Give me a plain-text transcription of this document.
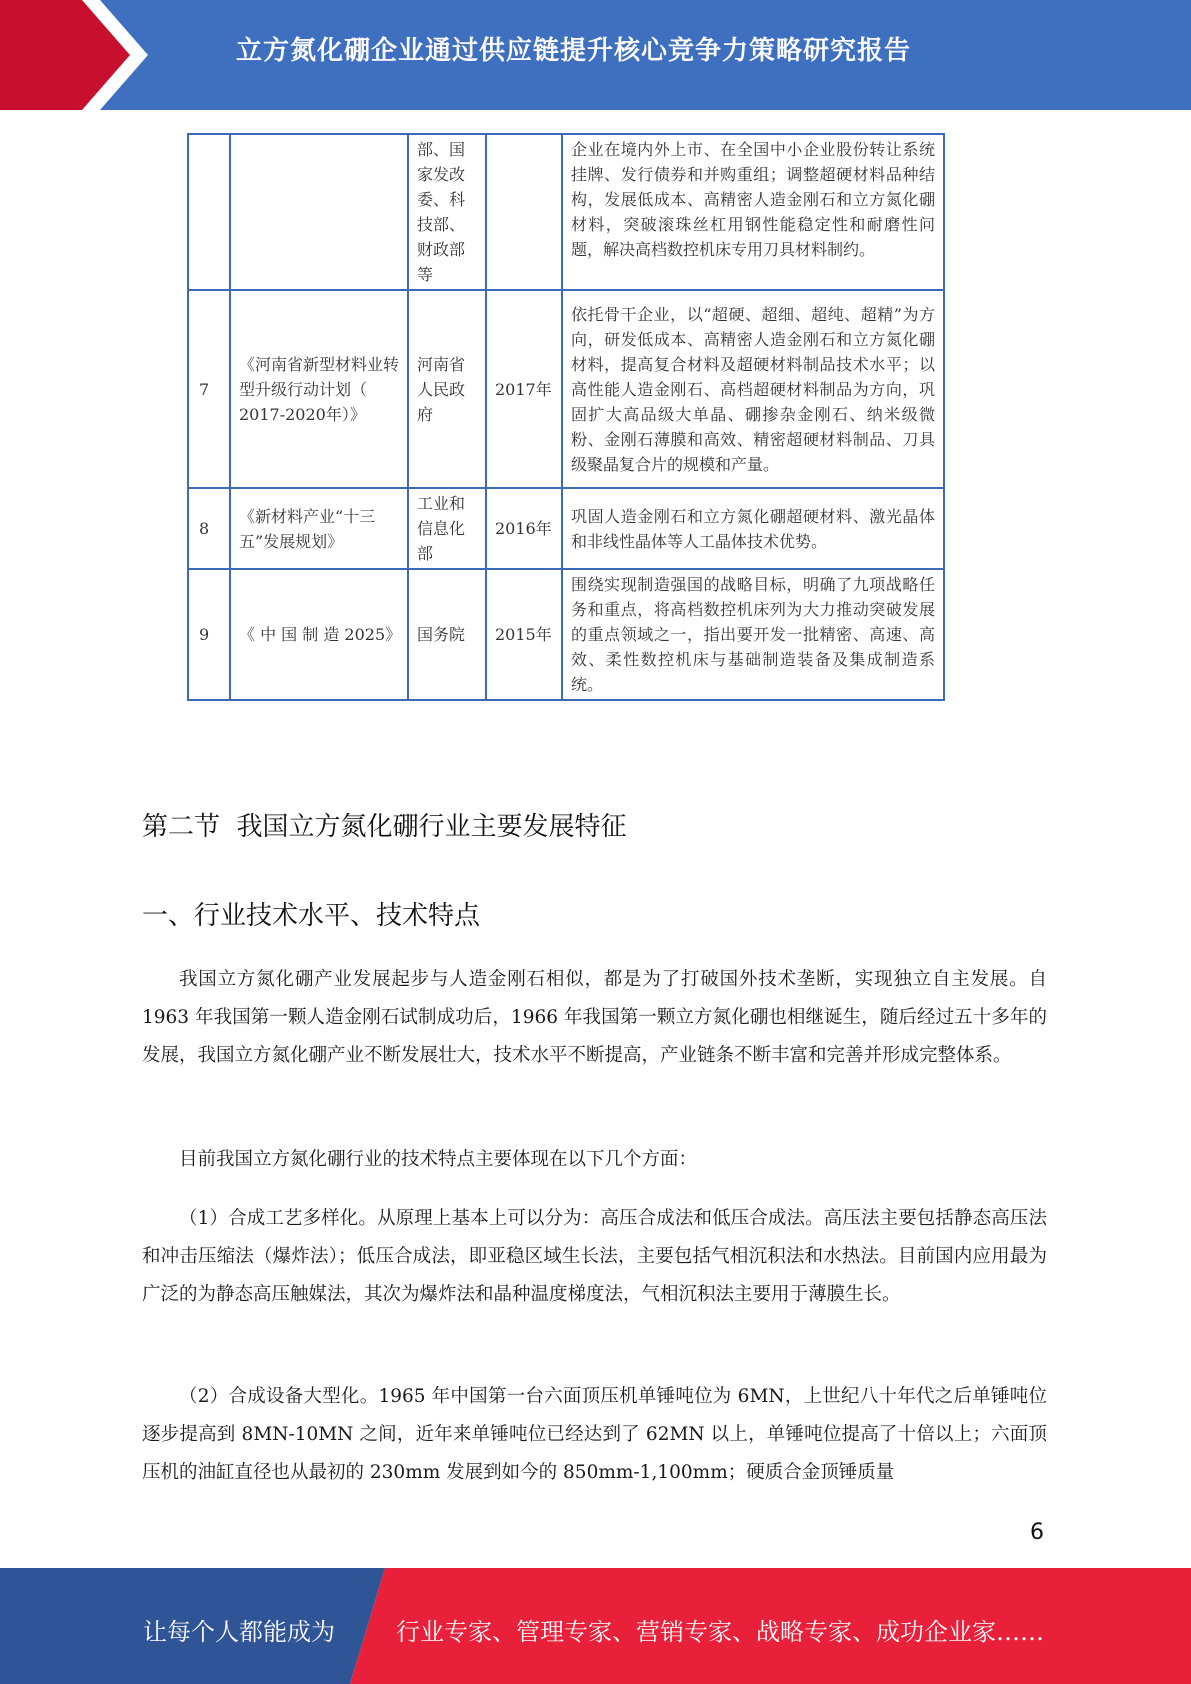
立方氮化硼企业通过供应链提升核心竞争力策略研究报告
		部、国家发改委、科技部、财政部等		企业在境内外上市、在全国中小企业股份转让系统挂牌、发行债券和并购重组；调整超硬材料品种结构，发展低成本、高精密人造金刚石和立方氮化硼材料，突破滚珠丝杠用钢性能稳定性和耐磨性问题，解决高档数控机床专用刀具材料制约。
7	《河南省新型材料业转型升级行动计划（ 2017-2020年）》	河南省人民政府	2017年	依托骨干企业，以“超硬、超细、超纯、超精”为方向，研发低成本、高精密人造金刚石和立方氮化硼材料，提高复合材料及超硬材料制品技术水平；以高性能人造金刚石、高档超硬材料制品为方向，巩固扩大高品级大单晶、硼掺杂金刚石、纳米级微粉、金刚石薄膜和高效、精密超硬材料制品、刀具级聚晶复合片的规模和产量。
8	《新材料产业“十三五”发展规划》	工业和信息化部	2016年	巩固人造金刚石和立方氮化硼超硬材料、激光晶体和非线性晶体等人工晶体技术优势。
9	《 中 国 制 造 2025》	国务院	2015年	围绕实现制造强国的战略目标，明确了九项战略任务和重点，将高档数控机床列为大力推动突破发展的重点领域之一，指出要开发一批精密、高速、高效、柔性数控机床与基础制造装备及集成制造系统。
第二节  我国立方氮化硼行业主要发展特征
一、行业技术水平、技术特点

我国立方氮化硼产业发展起步与人造金刚石相似，都是为了打破国外技术垄断，实现独立自主发展。自 1963 年我国第一颗人造金刚石试制成功后，1966 年我国第一颗立方氮化硼也相继诞生，随后经过五十多年的发展，我国立方氮化硼产业不断发展壮大，技术水平不断提高，产业链条不断丰富和完善并形成完整体系。

目前我国立方氮化硼行业的技术特点主要体现在以下几个方面：

（1）合成工艺多样化。从原理上基本上可以分为：高压合成法和低压合成法。高压法主要包括静态高压法和冲击压缩法（爆炸法）；低压合成法，即亚稳区域生长法，主要包括气相沉积法和水热法。目前国内应用最为广泛的为静态高压触媒法，其次为爆炸法和晶种温度梯度法，气相沉积法主要用于薄膜生长。

（2）合成设备大型化。1965 年中国第一台六面顶压机单锤吨位为 6MN，上世纪八十年代之后单锤吨位逐步提高到 8MN-10MN 之间，近年来单锤吨位已经达到了 62MN 以上，单锤吨位提高了十倍以上；六面顶压机的油缸直径也从最初的 230mm 发展到如今的 850mm-1,100mm；硬质合金顶锤质量

6
让每个人都能成为	行业专家、管理专家、营销专家、战略专家、成功企业家……
